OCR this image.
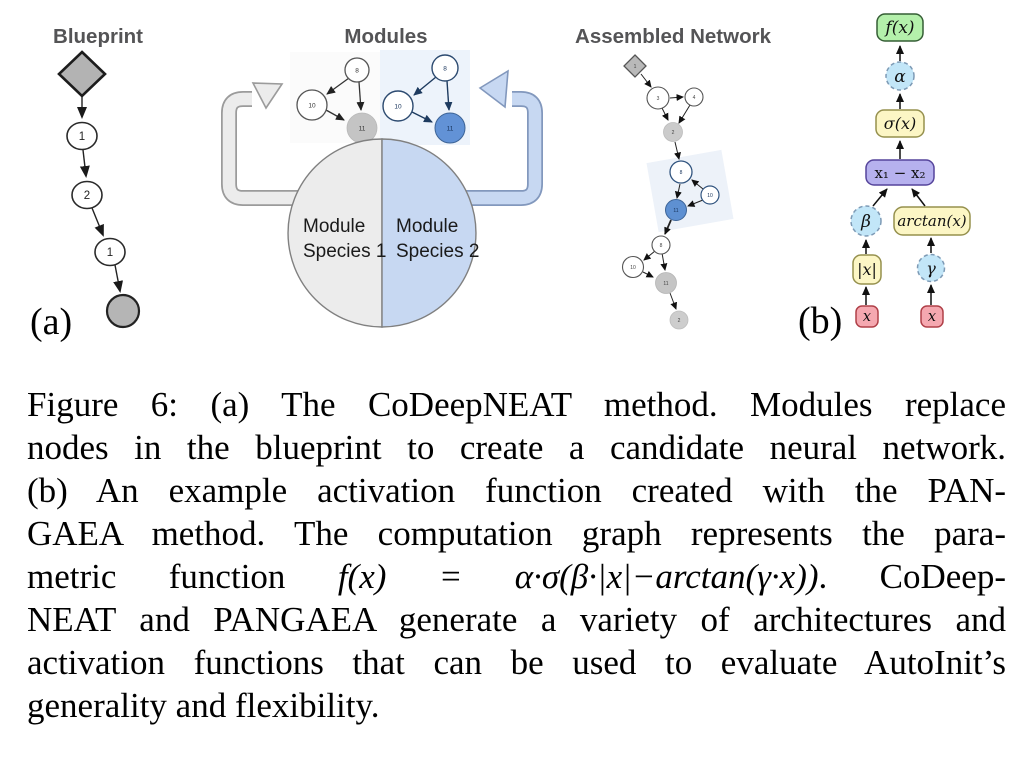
Blueprint
1
2
1
(a)
Modules
8
10
11
8
10
11
Module
Species 1
Module
Species 2
Assembled Network
1
3	4
2
8
10
11
8
10
11
2
f(x)
α
σ(x)
x₁ − x₂
β arctan(x)
|x|	γ
x	x
(b)
Figure 6: (a) The CoDeepNEAT method. Modules replace
nodes in the blueprint to create a candidate neural network.
(b) An example activation function created with the PAN-
GAEA method. The computation graph represents the para-
metric function f(x) = α·σ(β·|x|−arctan(γ·x)). CoDeep-
NEAT and PANGAEA generate a variety of architectures and
activation functions that can be used to evaluate AutoInit’s
generality and flexibility.
